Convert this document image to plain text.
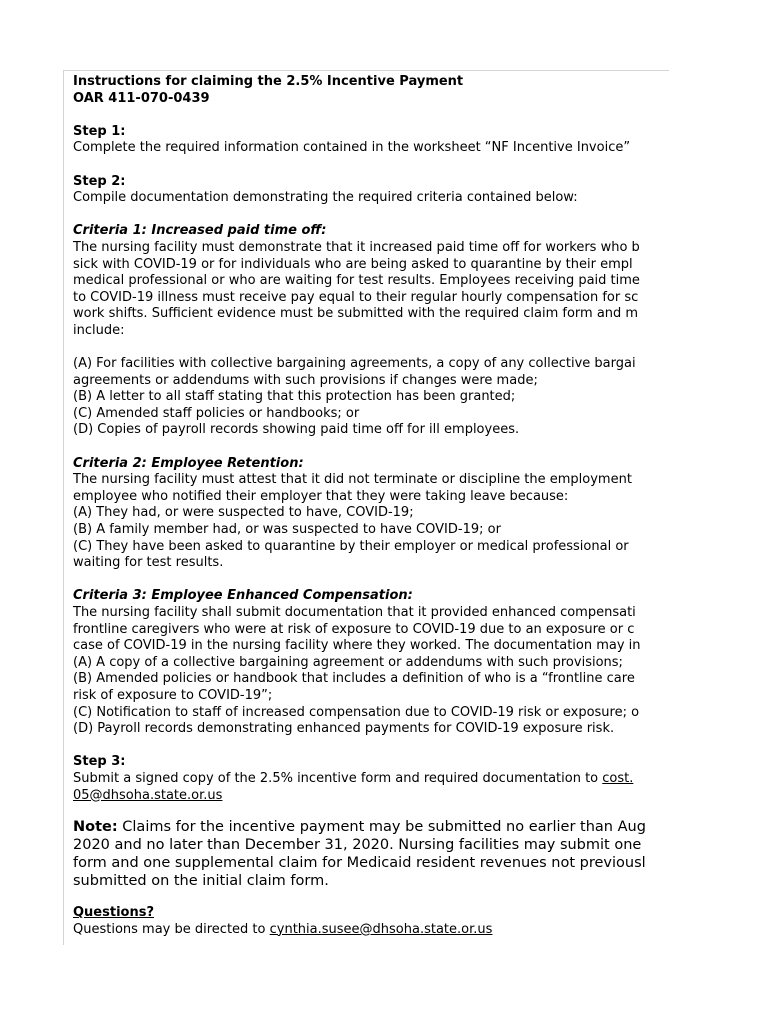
Instructions for claiming the 2.5% Incentive Payment
OAR 411-070-0439
Step 1:
Complete the required information contained in the worksheet “NF Incentive Invoice”
Step 2:
Compile documentation demonstrating the required criteria contained below:
Criteria 1: Increased paid time off:
The nursing facility must demonstrate that it increased paid time off for workers who b
sick with COVID-19 or for individuals who are being asked to quarantine by their empl
medical professional or who are waiting for test results. Employees receiving paid time
to COVID-19 illness must receive pay equal to their regular hourly compensation for sc
work shifts. Sufficient evidence must be submitted with the required claim form and m
include:
(A) For facilities with collective bargaining agreements, a copy of any collective bargai
agreements or addendums with such provisions if changes were made;
(B) A letter to all staff stating that this protection has been granted;
(C) Amended staff policies or handbooks; or
(D) Copies of payroll records showing paid time off for ill employees.
Criteria 2: Employee Retention:
The nursing facility must attest that it did not terminate or discipline the employment
employee who notified their employer that they were taking leave because:
(A) They had, or were suspected to have, COVID-19;
(B) A family member had, or was suspected to have COVID-19; or
(C) They have been asked to quarantine by their employer or medical professional or
waiting for test results.
Criteria 3: Employee Enhanced Compensation:
The nursing facility shall submit documentation that it provided enhanced compensati
frontline caregivers who were at risk of exposure to COVID-19 due to an exposure or c
case of COVID-19 in the nursing facility where they worked. The documentation may in
(A) A copy of a collective bargaining agreement or addendums with such provisions;
(B) Amended policies or handbook that includes a definition of who is a “frontline care
risk of exposure to COVID-19”;
(C) Notification to staff of increased compensation due to COVID-19 risk or exposure; o
(D) Payroll records demonstrating enhanced payments for COVID-19 exposure risk.
Step 3:
Submit a signed copy of the 2.5% incentive form and required documentation to cost.
05@dhsoha.state.or.us
Note: Claims for the incentive payment may be submitted no earlier than Aug
2020 and no later than December 31, 2020. Nursing facilities may submit one
form and one supplemental claim for Medicaid resident revenues not previousl
submitted on the initial claim form.
Questions?
Questions may be directed to cynthia.susee@dhsoha.state.or.us
